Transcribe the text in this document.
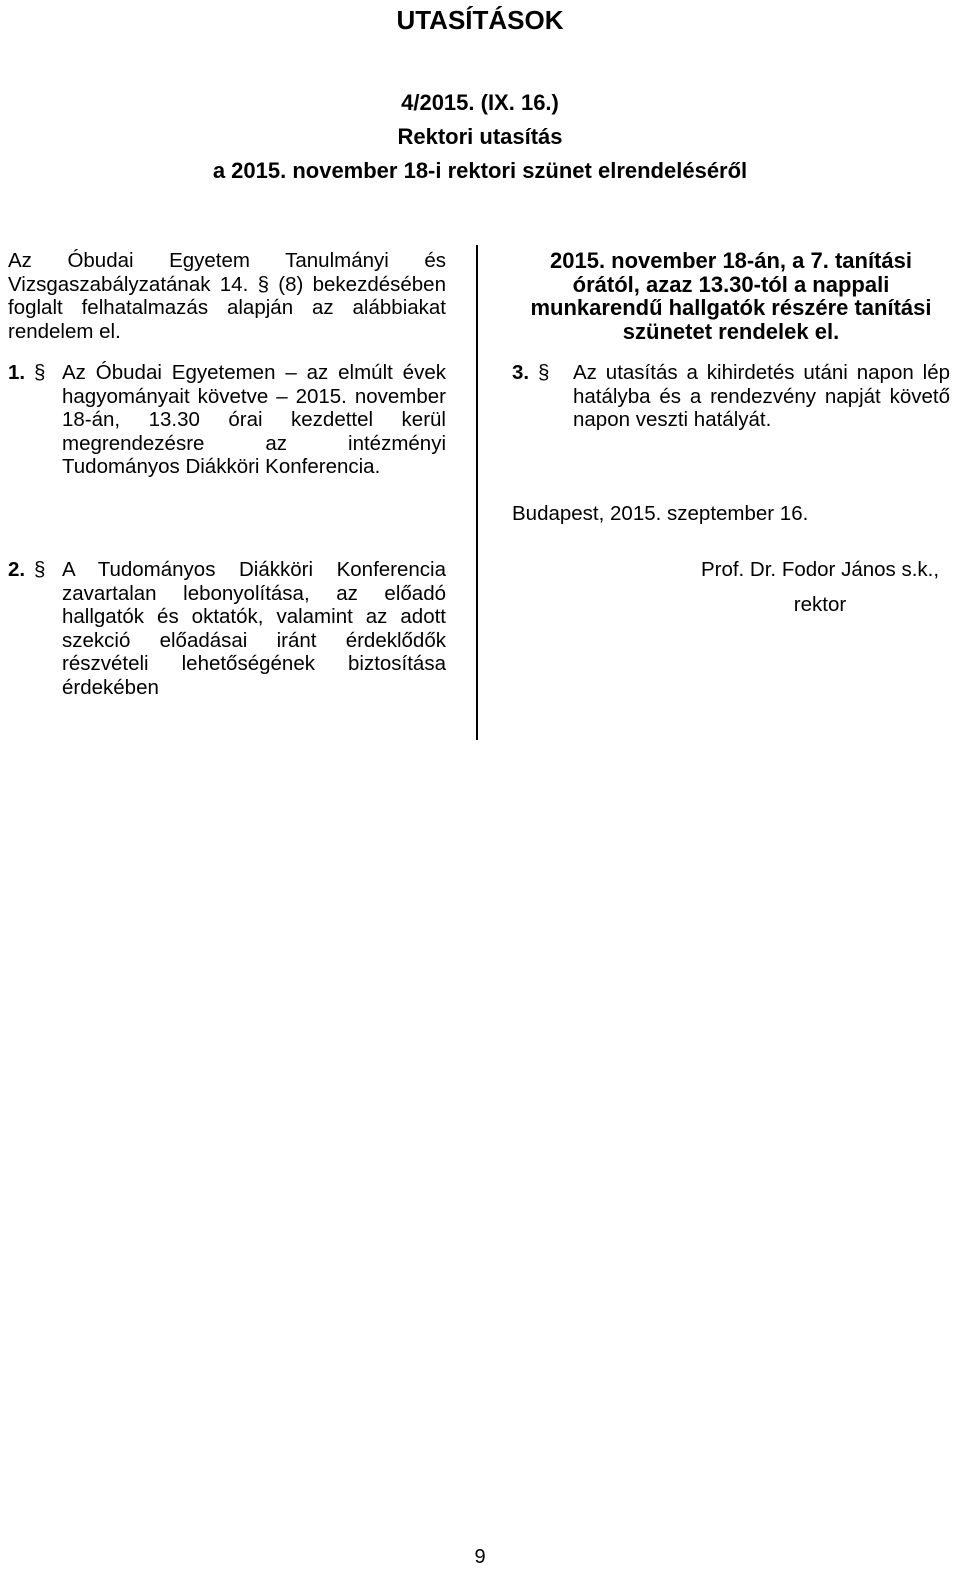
UTASÍTÁSOK
4/2015. (IX. 16.)
Rektori utasítás
a 2015. november 18-i rektori szünet elrendeléséről
Az Óbudai Egyetem Tanulmányi és
Vizsgaszabályzatának 14. § (8) bekezdésében
foglalt felhatalmazás alapján az alábbiakat
rendelem el.
1. § Az Óbudai Egyetemen – az elmúlt évek
hagyományait követve – 2015. november
18-án, 13.30 órai kezdettel kerül
megrendezésre az intézményi
Tudományos Diákköri Konferencia.
2. § A Tudományos Diákköri Konferencia
zavartalan lebonyolítása, az előadó
hallgatók és oktatók, valamint az adott
szekció előadásai iránt érdeklődők
részvételi lehetőségének biztosítása
érdekében
2015. november 18-án, a 7. tanítási
órától, azaz 13.30-tól a nappali
munkarendű hallgatók részére tanítási
szünetet rendelek el.
3. § Az utasítás a kihirdetés utáni napon lép
hatályba és a rendezvény napját követő
napon veszti hatályát.
Budapest, 2015. szeptember 16.
Prof. Dr. Fodor János s.k.,
rektor
9
